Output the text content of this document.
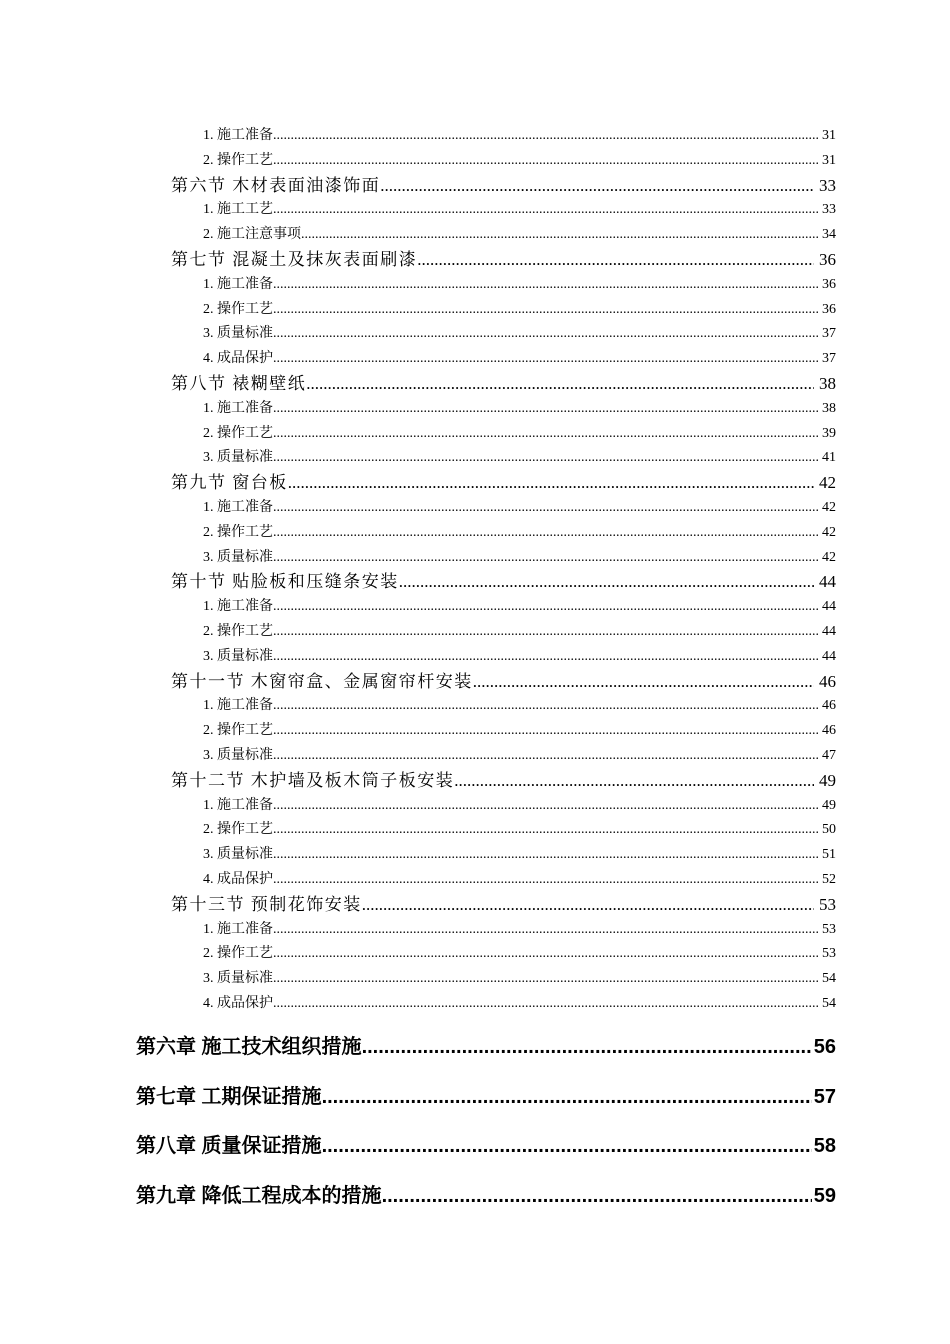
1. 施工准备 .....	31
2. 操作工艺 .....	31
第六节 木材表面油漆饰面 .....	33
1. 施工工艺 .....	33
2. 施工注意事项 .....	34
第七节 混凝土及抹灰表面刷漆 .....	36
1. 施工准备 .....	36
2. 操作工艺 .....	36
3. 质量标准 .....	37
4. 成品保护 .....	37
第八节 裱糊壁纸 .....	38
1. 施工准备 .....	38
2. 操作工艺 .....	39
3. 质量标准 .....	41
第九节 窗台板 .....	42
1. 施工准备 .....	42
2. 操作工艺 .....	42
3. 质量标准 .....	42
第十节 贴脸板和压缝条安装 .....	44
1. 施工准备 .....	44
2. 操作工艺 .....	44
3. 质量标准 .....	44
第十一节 木窗帘盒、金属窗帘杆安装 .....	46
1. 施工准备 .....	46
2. 操作工艺 .....	46
3. 质量标准 .....	47
第十二节 木护墙及板木筒子板安装 .....	49
1. 施工准备 .....	49
2. 操作工艺 .....	50
3. 质量标准 .....	51
4. 成品保护 .....	52
第十三节 预制花饰安装 .....	53
1. 施工准备 .....	53
2. 操作工艺 .....	53
3. 质量标准 .....	54
4. 成品保护 .....	54
第六章 施工技术组织措施 .....	56
第七章 工期保证措施 .....	57
第八章 质量保证措施 .....	58
第九章 降低工程成本的措施 .....	59
